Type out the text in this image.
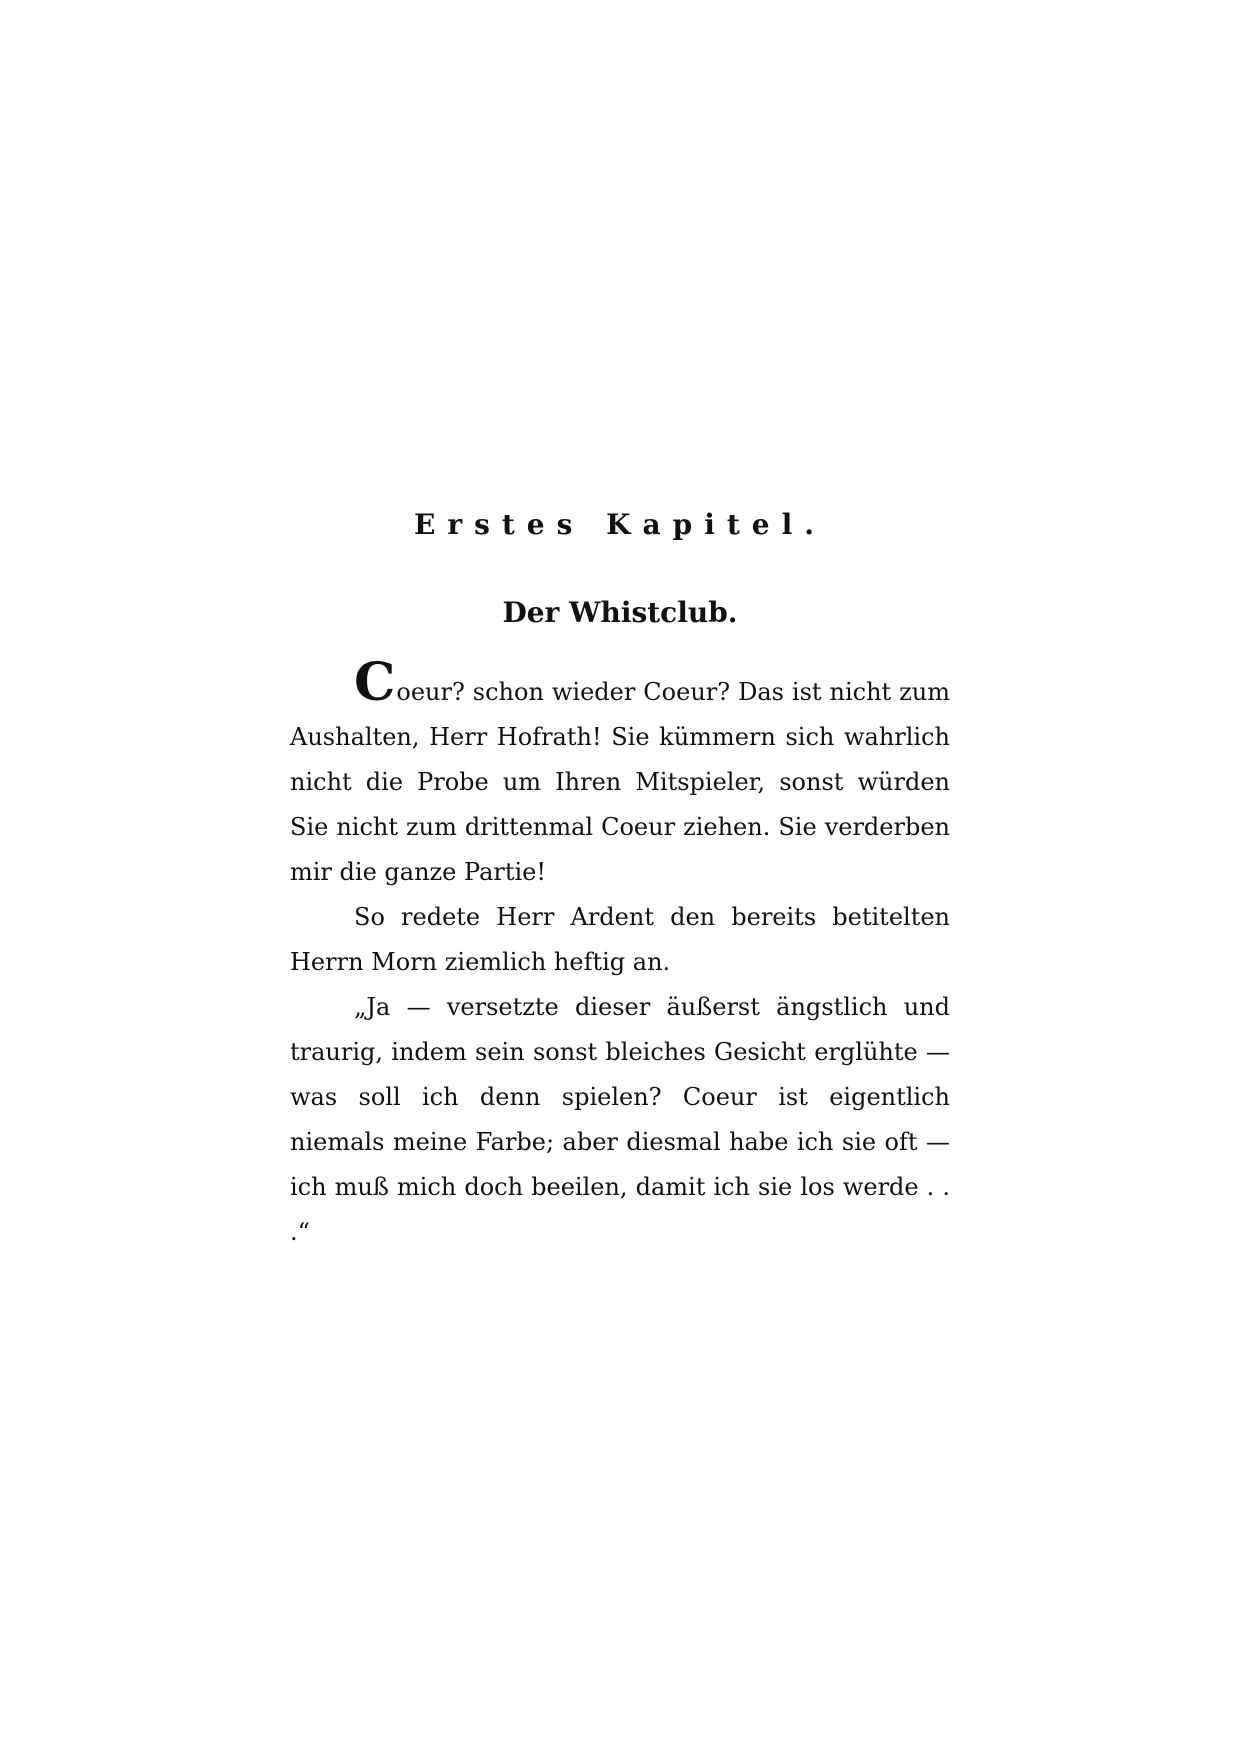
Erstes Kapitel.
Der Whistclub.

Coeur? schon wieder Coeur? Das ist nicht zum Aushalten, Herr Hofrath! Sie kümmern sich wahrlich nicht die Probe um Ihren Mitspieler, sonst würden Sie nicht zum drittenmal Coeur ziehen. Sie verderben mir die ganze Partie!

So redete Herr Ardent den bereits betitelten Herrn Morn ziemlich heftig an.

„Ja — versetzte dieser äußerst ängstlich und traurig, indem sein sonst bleiches Gesicht erglühte — was soll ich denn spielen? Coeur ist eigentlich niemals meine Farbe; aber diesmal habe ich sie oft — ich muß mich doch beeilen, damit ich sie los werde . . .“
